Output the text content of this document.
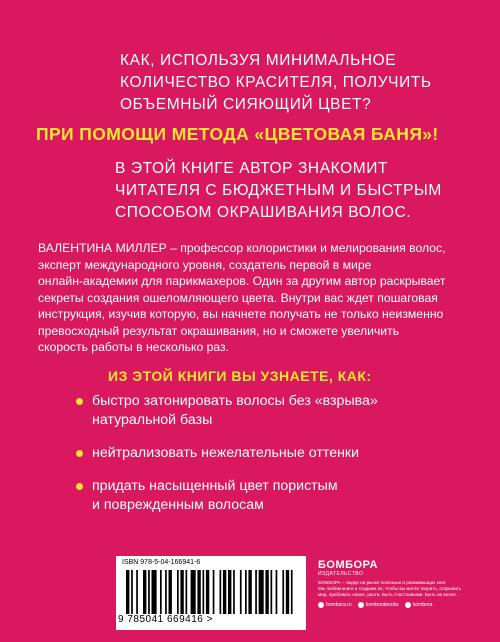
КАК, ИСПОЛЬЗУЯ МИНИМАЛЬНОЕ
КОЛИЧЕСТВО КРАСИТЕЛЯ, ПОЛУЧИТЬ
ОБЪЕМНЫЙ СИЯЮЩИЙ ЦВЕТ?
ПРИ ПОМОЩИ МЕТОДА «ЦВЕТОВАЯ БАНЯ»!
В ЭТОЙ КНИГЕ АВТОР ЗНАКОМИТ
ЧИТАТЕЛЯ С БЮДЖЕТНЫМ И БЫСТРЫМ
СПОСОБОМ ОКРАШИВАНИЯ ВОЛОС.
ВАЛЕНТИНА МИЛЛЕР – профессор колористики и мелирования волос,
эксперт международного уровня, создатель первой в мире
онлайн-академии для парикмахеров. Один за другим автор раскрывает
секреты создания ошеломляющего цвета. Внутри вас ждет пошаговая
инструкция, изучив которую, вы начнете получать не только неизменно
превосходный результат окрашивания, но и сможете увеличить
скорость работы в несколько раз.
ИЗ ЭТОЙ КНИГИ ВЫ УЗНАЕТЕ, КАК:
быстро затонировать волосы без «взрыва»
натуральной базы
нейтрализовать нежелательные оттенки
придать насыщенный цвет пористым
и поврежденным волосам
ISBN 978-5-04-166941-6
9 785041 669416 >
БОМБОРА
ИЗДАТЕЛЬСТВО
БОМБОРА – лидер на рынке полезных и развивающих книг.
Мы любим книги и создаем их, чтобы вы могли творить, открывать
мир, пробовать новое, расти. Быть счастливыми. Быть на волне.
bombora.ru	bomborabooks	bombora
